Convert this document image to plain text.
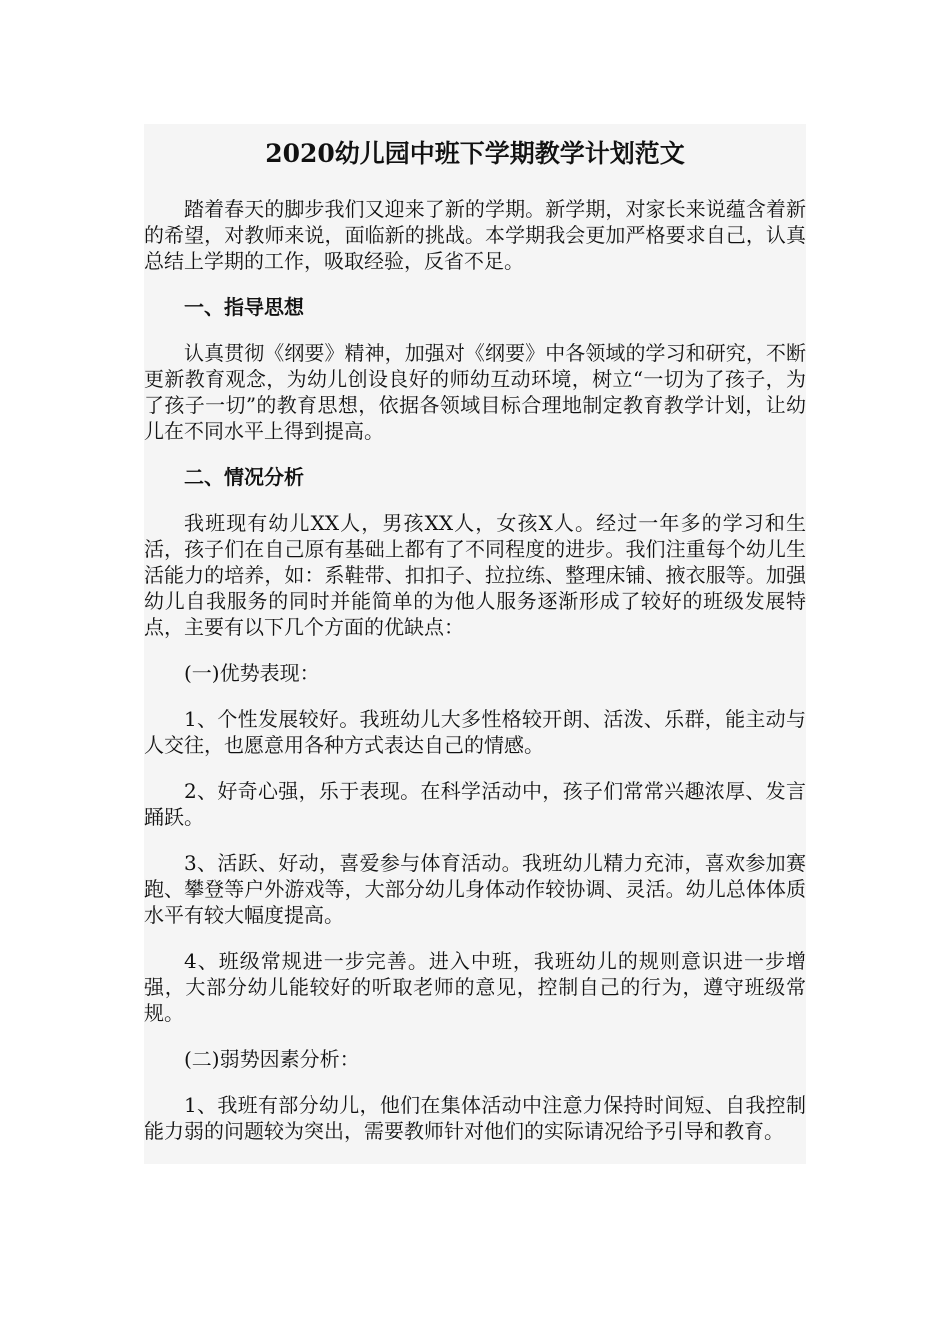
2020幼儿园中班下学期教学计划范文

踏着春天的脚步我们又迎来了新的学期。新学期，对家长来说蕴含着新的希望，对教师来说，面临新的挑战。本学期我会更加严格要求自己，认真总结上学期的工作，吸取经验，反省不足。

一、指导思想

认真贯彻《纲要》精神，加强对《纲要》中各领域的学习和研究，不断更新教育观念，为幼儿创设良好的师幼互动环境，树立“一切为了孩子，为了孩子一切”的教育思想，依据各领域目标合理地制定教育教学计划，让幼儿在不同水平上得到提高。

二、情况分析

我班现有幼儿XX人，男孩XX人，女孩X人。经过一年多的学习和生活，孩子们在自己原有基础上都有了不同程度的进步。我们注重每个幼儿生活能力的培养，如：系鞋带、扣扣子、拉拉练、整理床铺、掖衣服等。加强幼儿自我服务的同时并能简单的为他人服务逐渐形成了较好的班级发展特点，主要有以下几个方面的优缺点：

(一)优势表现：

1、个性发展较好。我班幼儿大多性格较开朗、活泼、乐群，能主动与人交往，也愿意用各种方式表达自己的情感。

2、好奇心强，乐于表现。在科学活动中，孩子们常常兴趣浓厚、发言踊跃。

3、活跃、好动，喜爱参与体育活动。我班幼儿精力充沛，喜欢参加赛跑、攀登等户外游戏等，大部分幼儿身体动作较协调、灵活。幼儿总体体质水平有较大幅度提高。

4、班级常规进一步完善。进入中班，我班幼儿的规则意识进一步增强，大部分幼儿能较好的听取老师的意见，控制自己的行为，遵守班级常规。

(二)弱势因素分析：

1、我班有部分幼儿，他们在集体活动中注意力保持时间短、自我控制能力弱的问题较为突出，需要教师针对他们的实际请况给予引导和教育。
